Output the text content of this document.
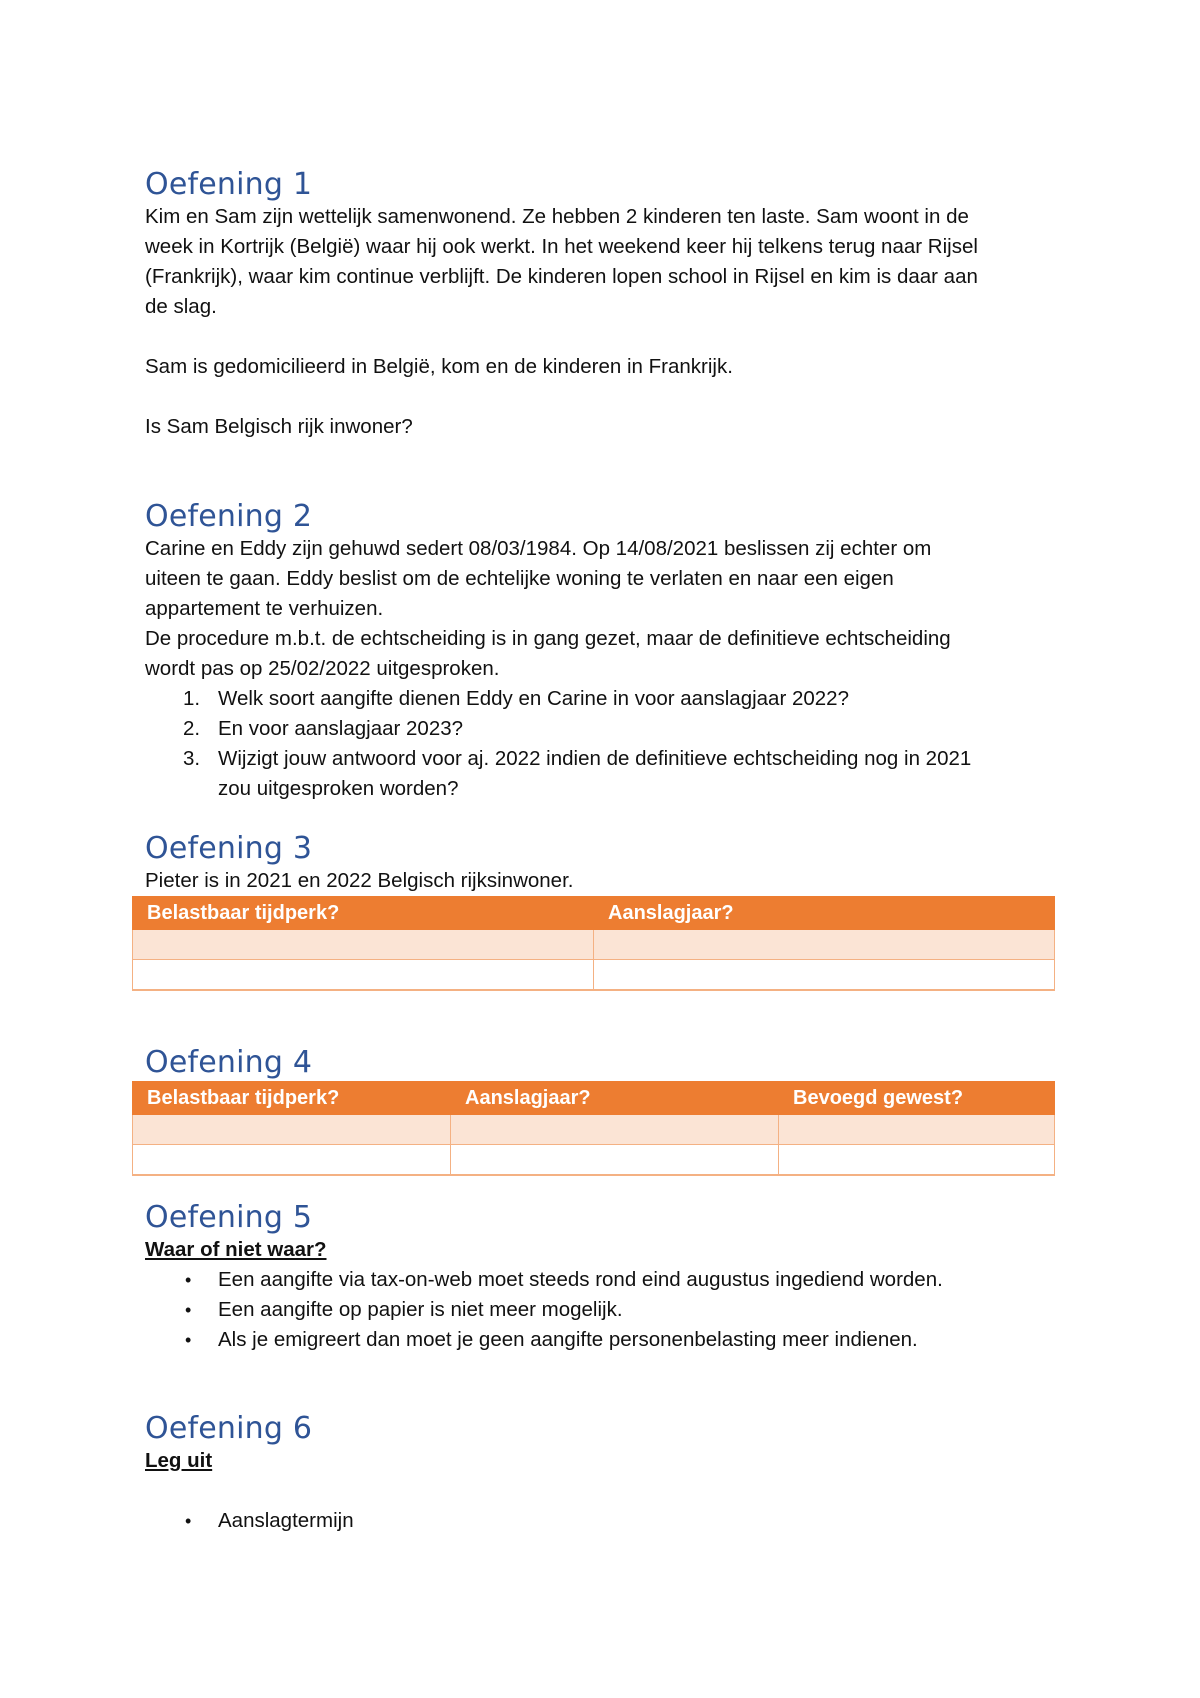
Oefening 1

Kim en Sam zijn wettelijk samenwonend. Ze hebben 2 kinderen ten laste. Sam woont in de

week in Kortrijk (België) waar hij ook werkt. In het weekend keer hij telkens terug naar Rijsel

(Frankrijk), waar kim continue verblijft. De kinderen lopen school in Rijsel en kim is daar aan

de slag.

Sam is gedomicilieerd in België, kom en de kinderen in Frankrijk.

Is Sam Belgisch rijk inwoner?

Oefening 2

Carine en Eddy zijn gehuwd sedert 08/03/1984. Op 14/08/2021 beslissen zij echter om

uiteen te gaan. Eddy beslist om de echtelijke woning te verlaten en naar een eigen

appartement te verhuizen.

De procedure m.b.t. de echtscheiding is in gang gezet, maar de definitieve echtscheiding

wordt pas op 25/02/2022 uitgesproken.

1. Welk soort aangifte dienen Eddy en Carine in voor aanslagjaar 2022?
2. En voor aanslagjaar 2023?
3. Wijzigt jouw antwoord voor aj. 2022 indien de definitieve echtscheiding nog in 2021
zou uitgesproken worden?
Oefening 3

Pieter is in 2021 en 2022 Belgisch rijksinwoner.

Belastbaar tijdperk?	Aanslagjaar?

Oefening 4
Belastbaar tijdperk?	Aanslagjaar?	Bevoegd gewest?

Oefening 5

Waar of niet waar?

• Een aangifte via tax-on-web moet steeds rond eind augustus ingediend worden.
• Een aangifte op papier is niet meer mogelijk.
• Als je emigreert dan moet je geen aangifte personenbelasting meer indienen.
Oefening 6

Leg uit

• Aanslagtermijn
